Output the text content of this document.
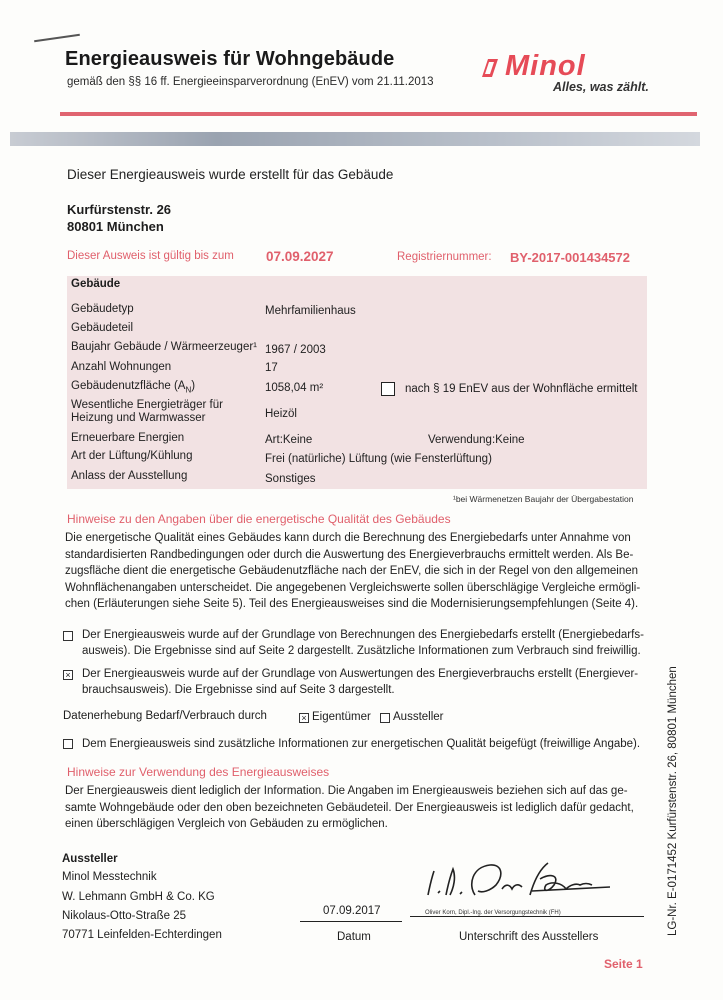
Energieausweis für Wohngebäude
gemäß den §§ 16 ff. Energieeinsparverordnung (EnEV) vom 21.11.2013 Minol
Alles, was zählt.
Dieser Energieausweis wurde erstellt für das Gebäude
Kurfürstenstr. 26
80801 München
Dieser Ausweis ist gültig bis zum 07.09.2027	Registriernummer: BY-2017-001434572
Gebäude
Gebäudetyp	Mehrfamilienhaus
Gebäudeteil
Baujahr Gebäude / Wärmeerzeuger¹ 1967 / 2003
Anzahl Wohnungen	17
Gebäudenutzfläche $(A_N)$	1058,04 m²	nach § 19 EnEV aus der Wohnfläche ermittelt
Wesentliche Energieträger für
Heizung und Warmwasser	Heizöl
Erneuerbare Energien	Art:Keine	Verwendung:Keine
Art der Lüftung/Kühlung	Frei (natürliche) Lüftung (wie Fensterlüftung)
Anlass der Ausstellung	Sonstiges
¹bei Wärmenetzen Baujahr der Übergabestation
Hinweise zu den Angaben über die energetische Qualität des Gebäudes
Die energetische Qualität eines Gebäudes kann durch die Berechnung des Energiebedarfs unter Annahme von
standardisierten Randbedingungen oder durch die Auswertung des Energieverbrauchs ermittelt werden. Als Be-
zugsfläche dient die energetische Gebäudenutzfläche nach der EnEV, die sich in der Regel von den allgemeinen
Wohnflächenangaben unterscheidet. Die angegebenen Vergleichswerte sollen überschlägige Vergleiche ermögli-
chen (Erläuterungen siehe Seite 5). Teil des Energieausweises sind die Modernisierungsempfehlungen (Seite 4).
Der Energieausweis wurde auf der Grundlage von Berechnungen des Energiebedarfs erstellt (Energiebedarfs-
ausweis). Die Ergebnisse sind auf Seite 2 dargestellt. Zusätzliche Informationen zum Verbrauch sind freiwillig.
× Der Energieausweis wurde auf der Grundlage von Auswertungen des Energieverbrauchs erstellt (Energiever-
brauchsausweis). Die Ergebnisse sind auf Seite 3 dargestellt.
Datenerhebung Bedarf/Verbrauch durch	× Eigentümer Aussteller
Dem Energieausweis sind zusätzliche Informationen zur energetischen Qualität beigefügt (freiwillige Angabe).
Hinweise zur Verwendung des Energieausweises
Der Energieausweis dient lediglich der Information. Die Angaben im Energieausweis beziehen sich auf das ge-
samte Wohngebäude oder den oben bezeichneten Gebäudeteil. Der Energieausweis ist lediglich dafür gedacht,
einen überschlägigen Vergleich von Gebäuden zu ermöglichen.
Aussteller
Minol Messtechnik
W. Lehmann GmbH & Co. KG
Nikolaus-Otto-Straße 25
70771 Leinfelden-Echterdingen
07.09.2017
Datum
Oliver Korn, Dipl.-Ing. der Versorgungstechnik (FH)
Unterschrift des Ausstellers
Seite 1
LG-Nr. E-0171452 Kurfürstenstr. 26, 80801 München
